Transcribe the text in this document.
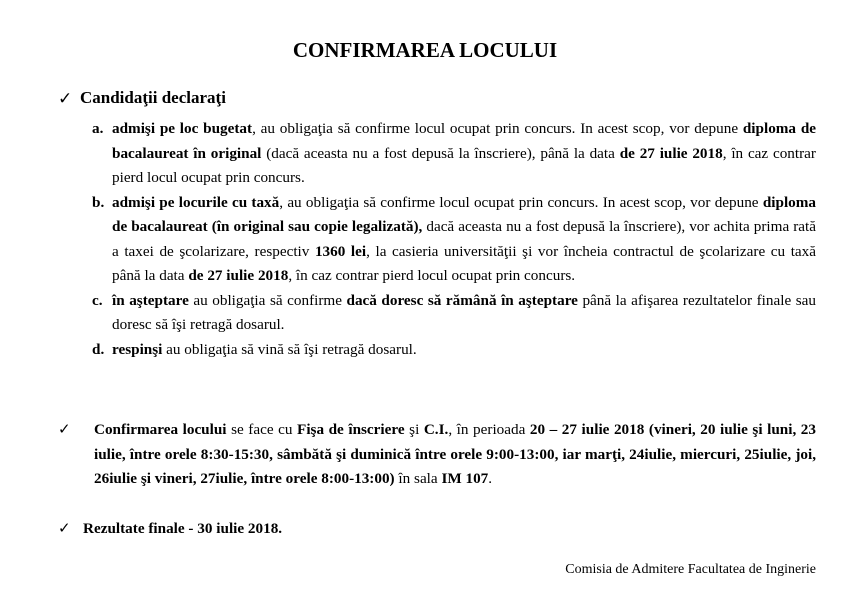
CONFIRMAREA LOCULUI
✓ Candidaţii declaraţi
a. admişi pe loc bugetat, au obligaţia să confirme locul ocupat prin concurs. In acest scop, vor depune diploma de bacalaureat în original (dacă aceasta nu a fost depusă la înscriere), până la data de 27 iulie 2018, în caz contrar pierd locul ocupat prin concurs.
b. admişi pe locurile cu taxă, au obligaţia să confirme locul ocupat prin concurs. In acest scop, vor depune diploma de bacalaureat (în original sau copie legalizată), dacă aceasta nu a fost depusă la înscriere), vor achita prima rată a taxei de şcolarizare, respectiv 1360 lei, la casieria universităţii şi vor încheia contractul de şcolarizare cu taxă până la data de 27 iulie 2018, în caz contrar pierd locul ocupat prin concurs.
c. în aşteptare au obligaţia să confirme dacă doresc să rămână în aşteptare până la afişarea rezultatelor finale sau doresc să îşi retragă dosarul.
d. respinşi au obligaţia să vină să îşi retragă dosarul.
✓ Confirmarea locului se face cu Fişa de înscriere şi C.I., în perioada 20 – 27 iulie 2018 (vineri, 20 iulie şi luni, 23 iulie, între orele 8:30-15:30, sâmbătă şi duminică între orele 9:00-13:00, iar marţi, 24iulie, miercuri, 25iulie, joi, 26iulie şi vineri, 27iulie, între orele 8:00-13:00) în sala IM 107.
✓ Rezultate finale - 30 iulie 2018.
Comisia de Admitere Facultatea de Inginerie
